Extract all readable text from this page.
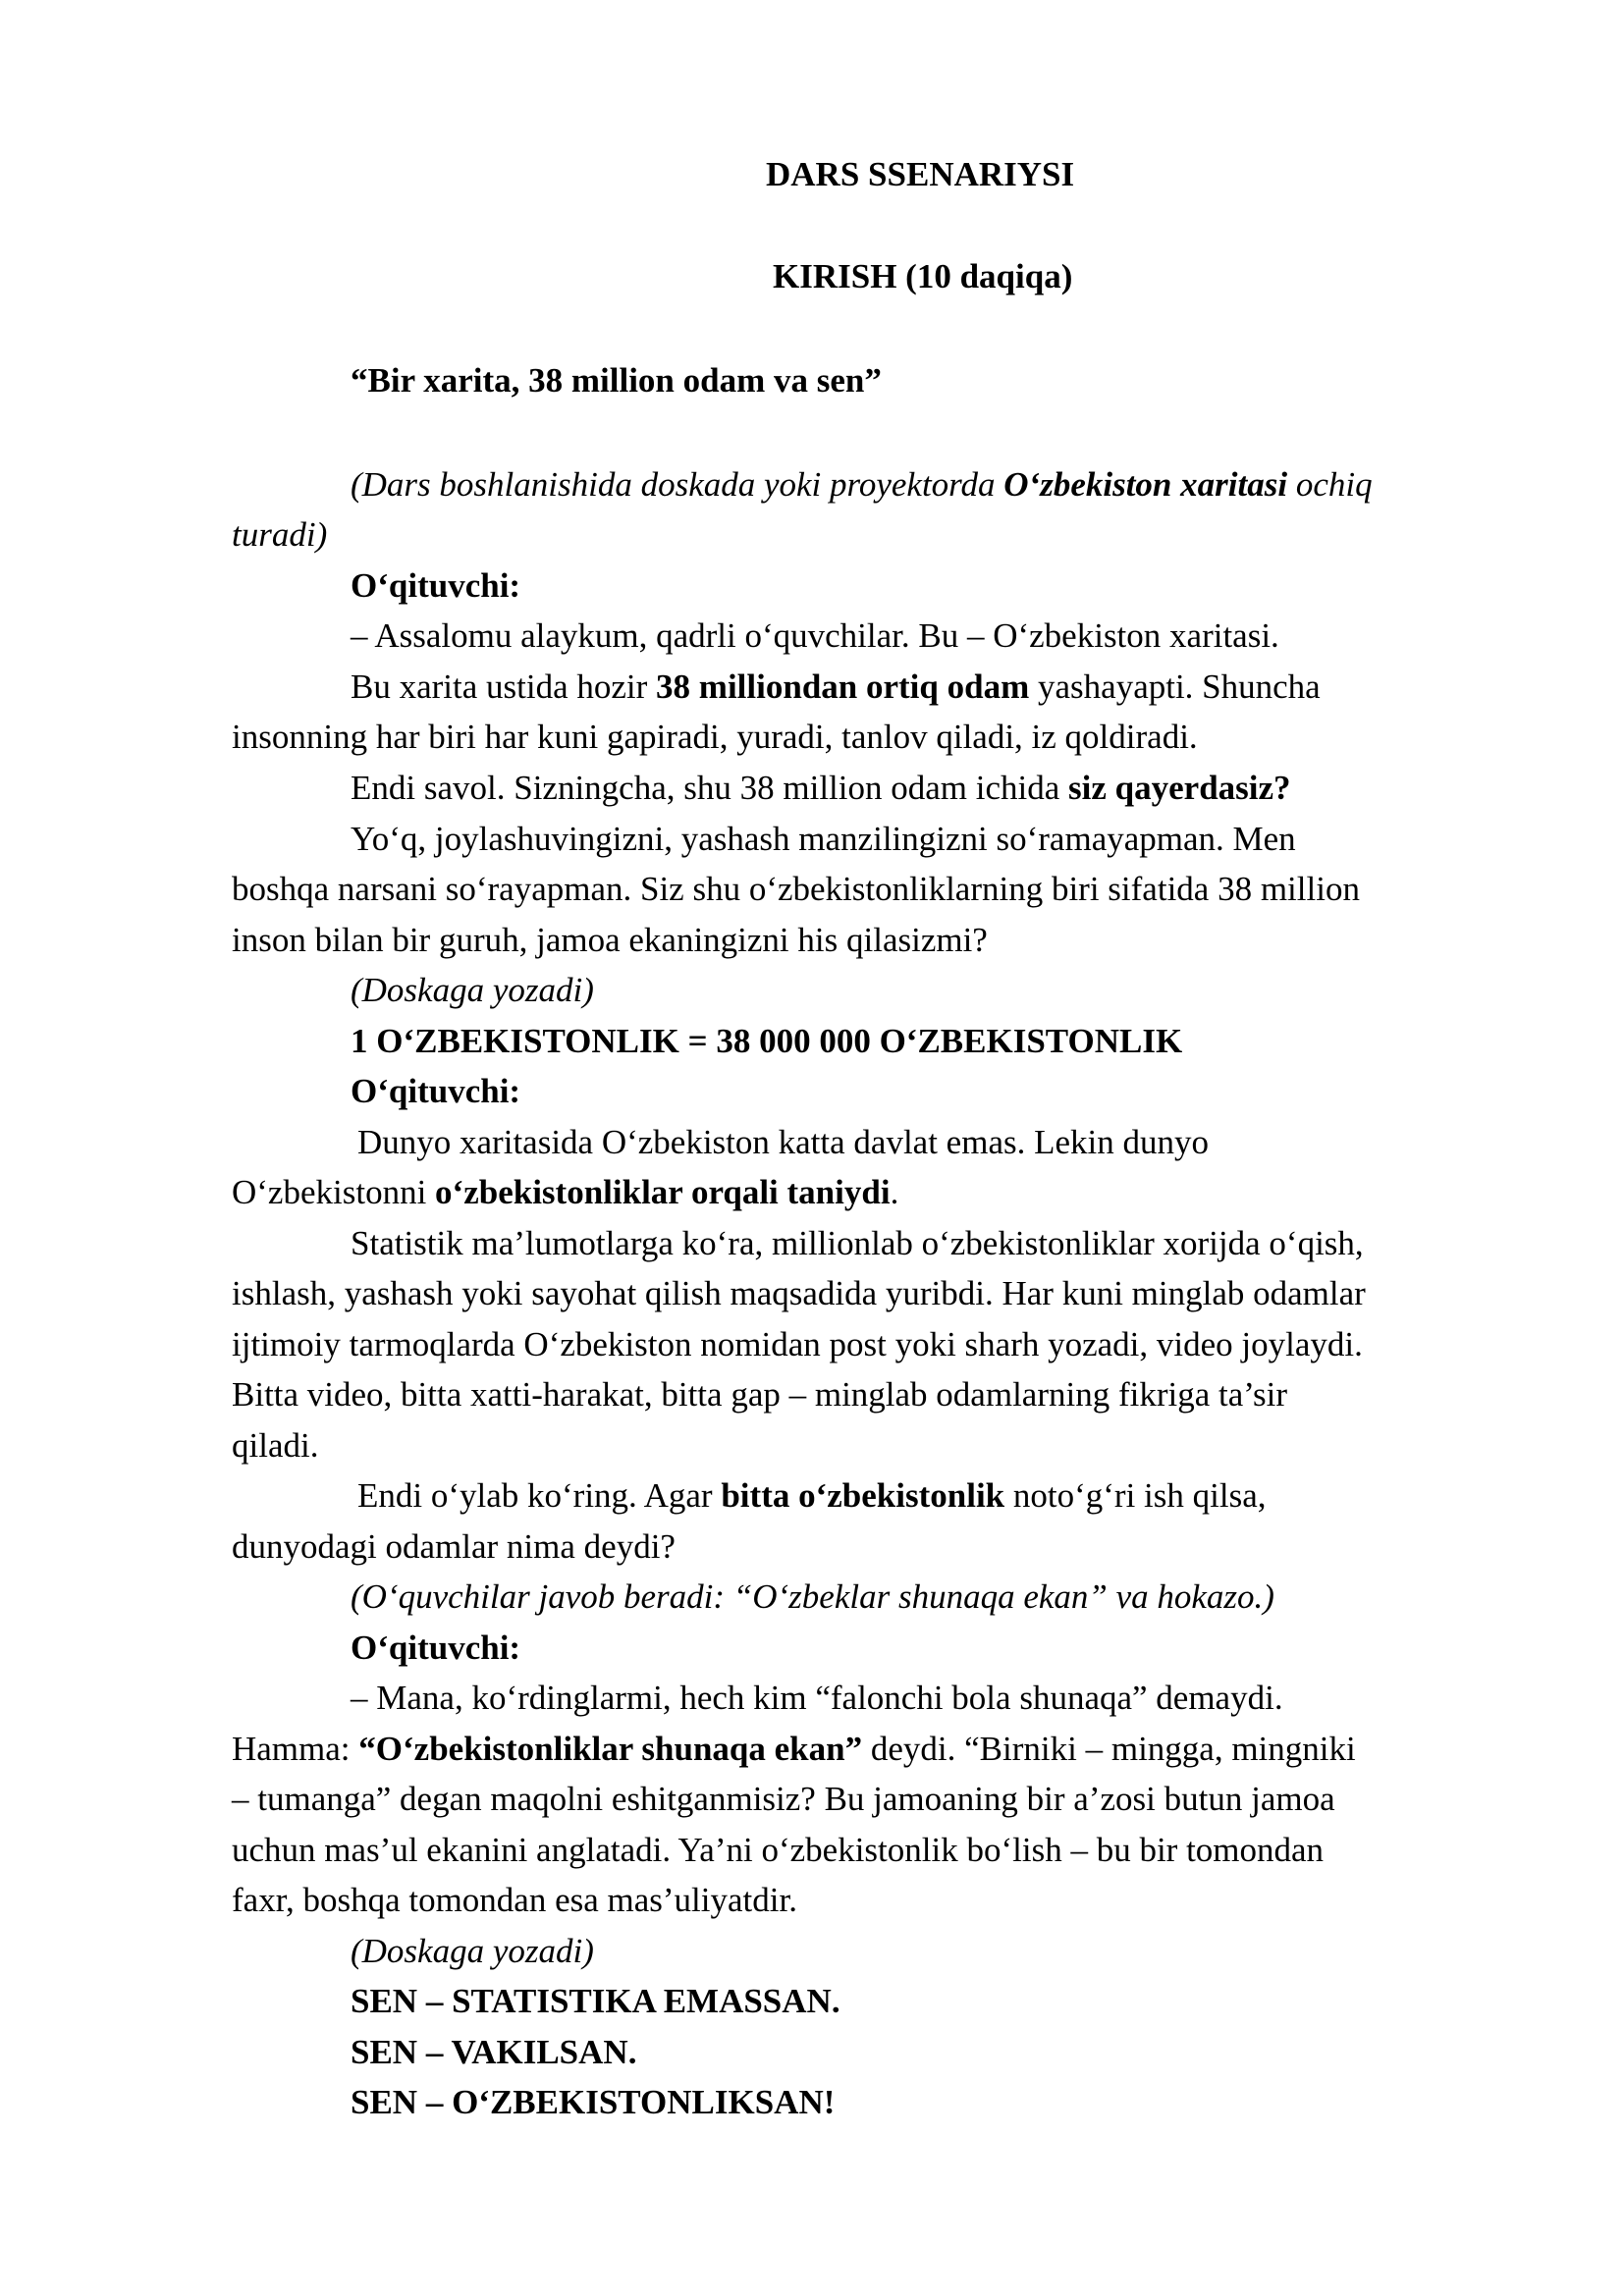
DARS SSENARIYSI
KIRISH (10 daqiqa)
“Bir xarita, 38 million odam va sen”
(Dars boshlanishida doskada yoki proyektorda O‘zbekiston xaritasi ochiq
turadi)
O‘qituvchi:
– Assalomu alaykum, qadrli o‘quvchilar. Bu – O‘zbekiston xaritasi.
Bu xarita ustida hozir 38 milliondan ortiq odam yashayapti. Shuncha
insonning har biri har kuni gapiradi, yuradi, tanlov qiladi, iz qoldiradi.
Endi savol. Sizningcha, shu 38 million odam ichida siz qayerdasiz?
Yo‘q, joylashuvingizni, yashash manzilingizni so‘ramayapman. Men
boshqa narsani so‘rayapman. Siz shu o‘zbekistonliklarning biri sifatida 38 million
inson bilan bir guruh, jamoa ekaningizni his qilasizmi?
(Doskaga yozadi)
1 O‘ZBEKISTONLIK = 38 000 000 O‘ZBEKISTONLIK
O‘qituvchi:
Dunyo xaritasida O‘zbekiston katta davlat emas. Lekin dunyo
O‘zbekistonni o‘zbekistonliklar orqali taniydi.
Statistik ma’lumotlarga ko‘ra, millionlab o‘zbekistonliklar xorijda o‘qish,
ishlash, yashash yoki sayohat qilish maqsadida yuribdi. Har kuni minglab odamlar
ijtimoiy tarmoqlarda O‘zbekiston nomidan post yoki sharh yozadi, video joylaydi.
Bitta video, bitta xatti-harakat, bitta gap – minglab odamlarning fikriga ta’sir
qiladi.
Endi o‘ylab ko‘ring. Agar bitta o‘zbekistonlik noto‘g‘ri ish qilsa,
dunyodagi odamlar nima deydi?
(O‘quvchilar javob beradi: “O‘zbeklar shunaqa ekan” va hokazo.)
O‘qituvchi:
– Mana, ko‘rdinglarmi, hech kim “falonchi bola shunaqa” demaydi.
Hamma: “O‘zbekistonliklar shunaqa ekan” deydi. “Birniki – mingga, mingniki
– tumanga” degan maqolni eshitganmisiz? Bu jamoaning bir a’zosi butun jamoa
uchun mas’ul ekanini anglatadi. Ya’ni o‘zbekistonlik bo‘lish – bu bir tomondan
faxr, boshqa tomondan esa mas’uliyatdir.
(Doskaga yozadi)
SEN – STATISTIKA EMASSAN.
SEN – VAKILSAN.
SEN – O‘ZBEKISTONLIKSAN!
